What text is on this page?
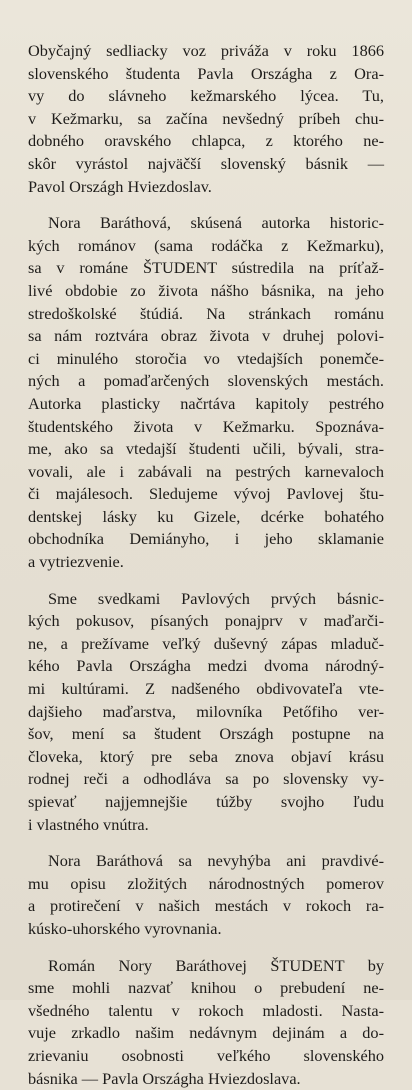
Obyčajný sedliacky voz priváža v roku 1866
slovenského študenta Pavla Országha z Ora-
vy do slávneho kežmarského lýcea. Tu,
v Kežmarku, sa začína nevšedný príbeh chu-
dobného oravského chlapca, z ktorého ne-
skôr vyrástol najväčší slovenský básnik —
Pavol Országh Hviezdoslav.

Nora Baráthová, skúsená autorka historic-
kých románov (sama rodáčka z Kežmarku),
sa v románe ŠTUDENT sústredila na príťaž-
livé obdobie zo života nášho básnika, na jeho
stredoškolské štúdiá. Na stránkach románu
sa nám roztvára obraz života v druhej polovi-
ci minulého storočia vo vtedajších ponemče-
ných a pomaďarčených slovenských mestách.
Autorka plasticky načrtáva kapitoly pestrého
študentského života v Kežmarku. Spoznáva-
me, ako sa vtedajší študenti učili, bývali, stra-
vovali, ale i zabávali na pestrých karnevaloch
či majálesoch. Sledujeme vývoj Pavlovej štu-
dentskej lásky ku Gizele, dcérke bohatého
obchodníka Demiányho, i jeho sklamanie
a vytriezvenie.

Sme svedkami Pavlových prvých básnic-
kých pokusov, písaných ponajprv v maďarči-
ne, a prežívame veľký duševný zápas mladuč-
kého Pavla Országha medzi dvoma národný-
mi kultúrami. Z nadšeného obdivovateľa vte-
dajšieho maďarstva, milovníka Petőfiho ver-
šov, mení sa študent Országh postupne na
človeka, ktorý pre seba znova objaví krásu
rodnej reči a odhodláva sa po slovensky vy-
spievať najjemnejšie túžby svojho ľudu
i vlastného vnútra.

Nora Baráthová sa nevyhýba ani pravdivé-
mu opisu zložitých národnostných pomerov
a protirečení v našich mestách v rokoch ra-
kúsko-uhorského vyrovnania.

Román Nory Baráthovej ŠTUDENT by
sme mohli nazvať knihou o prebudení ne-
všedného talentu v rokoch mladosti. Nasta-
vuje zrkadlo našim nedávnym dejinám a do-
zrievaniu osobnosti veľkého slovenského
básnika — Pavla Országha Hviezdoslava.
